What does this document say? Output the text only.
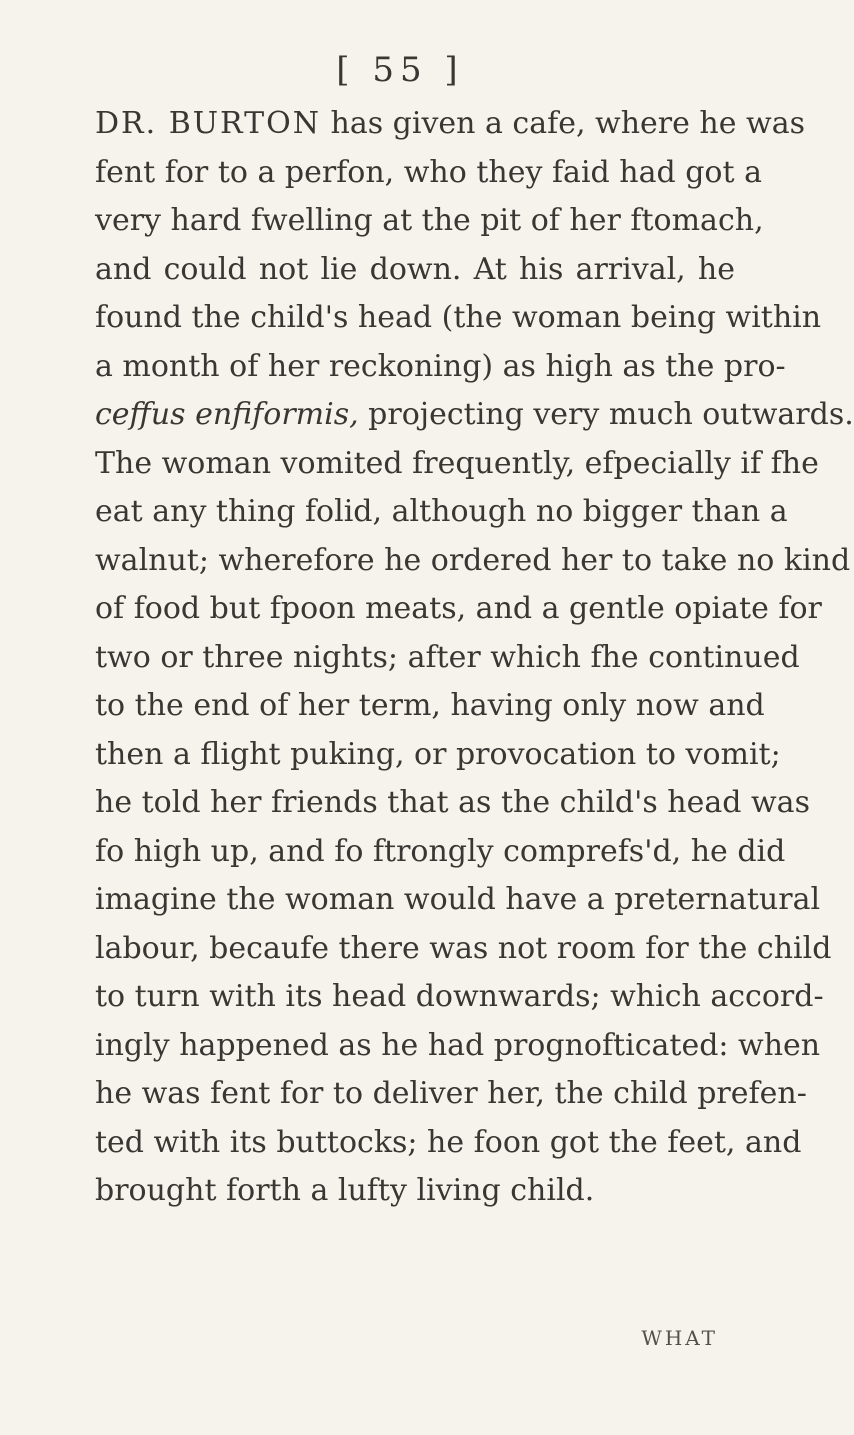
[ 55 ]
DR. BURTON has given a cafe, where he was
fent for to a perfon, who they faid had got a
very hard fwelling at the pit of her ftomach,
and could not lie down. At his arrival, he
found the child's head (the woman being within
a month of her reckoning) as high as the pro-
ceffus enfiformis, projecting very much outwards.
The woman vomited frequently, efpecially if fhe
eat any thing folid, although no bigger than a
walnut; wherefore he ordered her to take no kind
of food but fpoon meats, and a gentle opiate for
two or three nights; after which fhe continued
to the end of her term, having only now and
then a flight puking, or provocation to vomit;
he told her friends that as the child's head was
fo high up, and fo ftrongly comprefs'd, he did
imagine the woman would have a preternatural
labour, becaufe there was not room for the child
to turn with its head downwards; which accord-
ingly happened as he had prognofticated: when
he was fent for to deliver her, the child prefen-
ted with its buttocks; he foon got the feet, and
brought forth a lufty living child.
WHAT
